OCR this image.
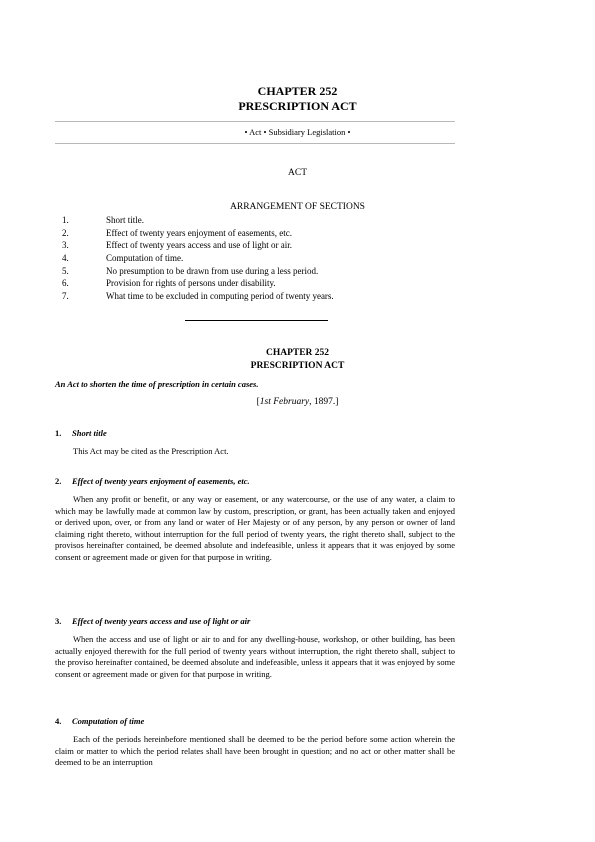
CHAPTER 252
PRESCRIPTION ACT
• Act • Subsidiary Legislation •
ACT
ARRANGEMENT OF SECTIONS
1.	Short title.
2.	Effect of twenty years enjoyment of easements, etc.
3.	Effect of twenty years access and use of light or air.
4.	Computation of time.
5.	No presumption to be drawn from use during a less period.
6.	Provision for rights of persons under disability.
7.	What time to be excluded in computing period of twenty years.
CHAPTER 252
PRESCRIPTION ACT
An Act to shorten the time of prescription in certain cases.
[1st February, 1897.]
1. Short title
This Act may be cited as the Prescription Act.
2. Effect of twenty years enjoyment of easements, etc.
When any profit or benefit, or any way or easement, or any watercourse, or the use of any water, a claim to which may be lawfully made at common law by custom, prescription, or grant, has been actually taken and enjoyed or derived upon, over, or from any land or water of Her Majesty or of any person, by any person or owner of land claiming right thereto, without interruption for the full period of twenty years, the right thereto shall, subject to the provisos hereinafter contained, be deemed absolute and indefeasible, unless it appears that it was enjoyed by some consent or agreement made or given for that purpose in writing.
3. Effect of twenty years access and use of light or air
When the access and use of light or air to and for any dwelling-house, workshop, or other building, has been actually enjoyed therewith for the full period of twenty years without interruption, the right thereto shall, subject to the proviso hereinafter contained, be deemed absolute and indefeasible, unless it appears that it was enjoyed by some consent or agreement made or given for that purpose in writing.
4. Computation of time
Each of the periods hereinbefore mentioned shall be deemed to be the period before some action wherein the claim or matter to which the period relates shall have been brought in question; and no act or other matter shall be deemed to be an interruption
